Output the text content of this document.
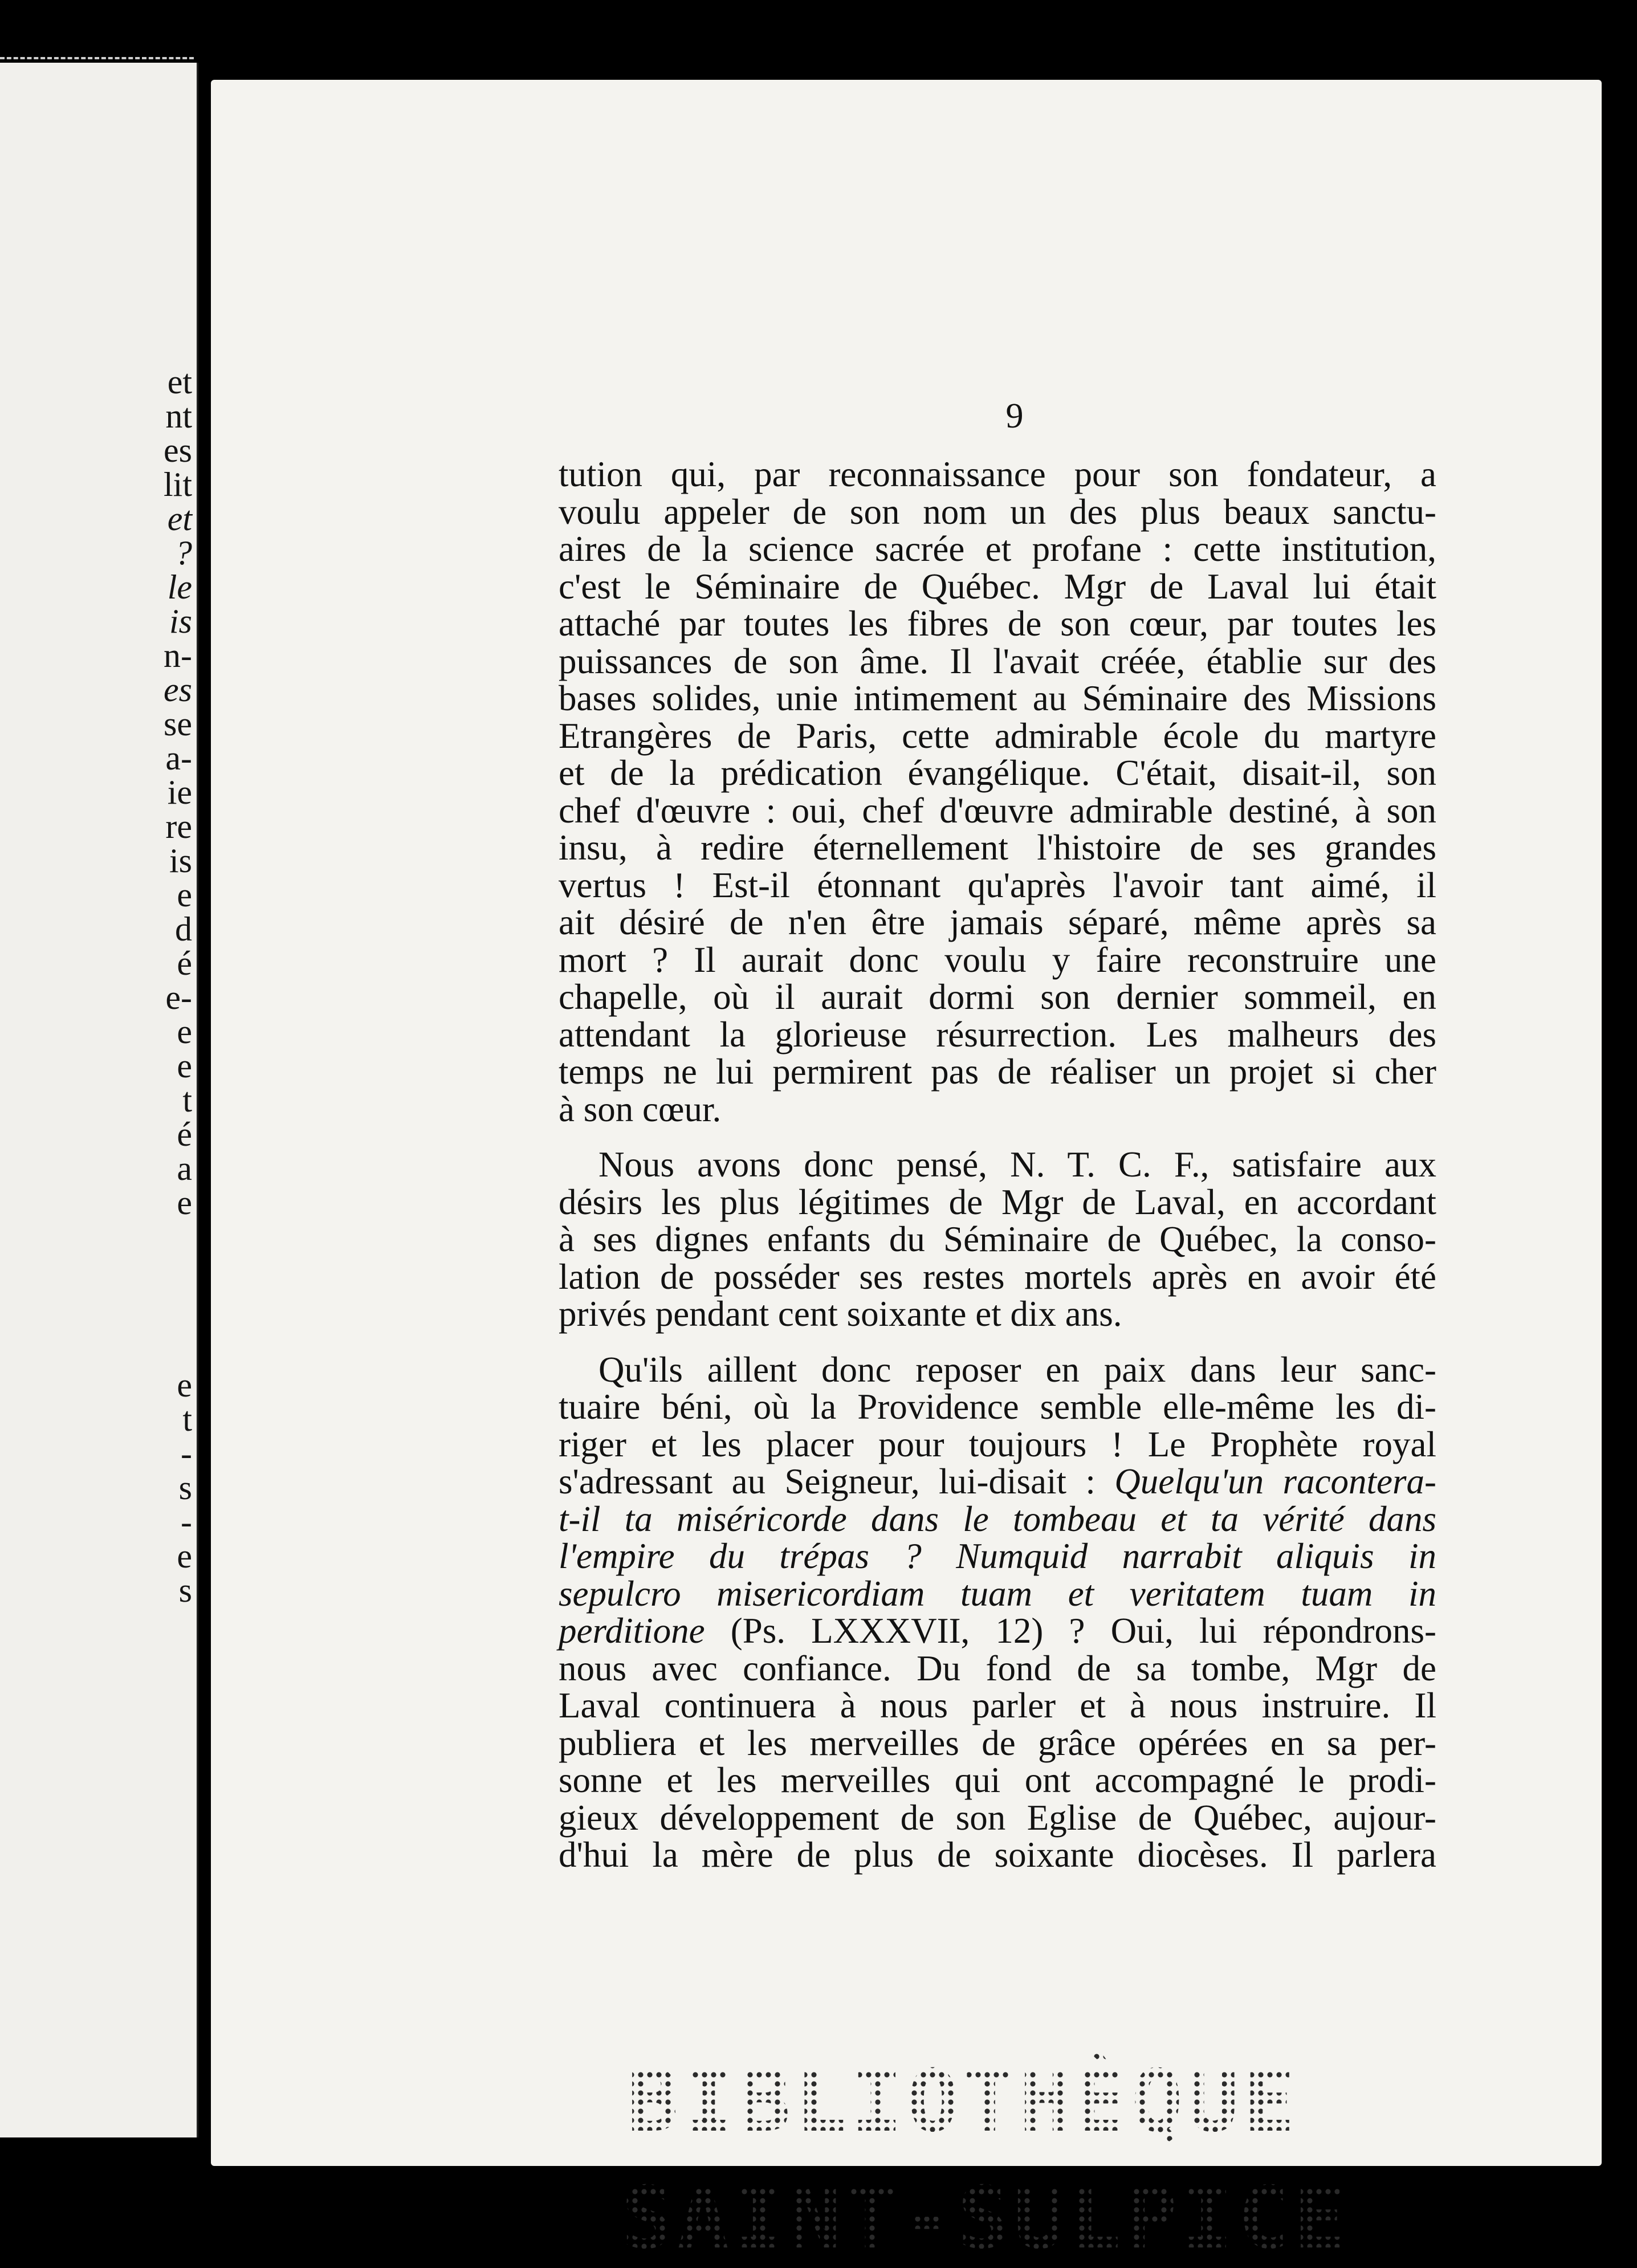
et
nt
es
lit
et
?
le
is
n-
es
se
a-
ie
re
is
e
d
é
e-
e
e
t
é
a
e
e
t
-
s
-
e
s
9

tution qui, par reconnaissance pour son fondateur, a
voulu appeler de son nom un des plus beaux sanctu-
aires de la science sacrée et profane : cette institution,
c'est le Séminaire de Québec. Mgr de Laval lui était
attaché par toutes les fibres de son cœur, par toutes les
puissances de son âme. Il l'avait créée, établie sur des
bases solides, unie intimement au Séminaire des Missions
Etrangères de Paris, cette admirable école du martyre
et de la prédication évangélique. C'était, disait-il, son
chef d'œuvre : oui, chef d'œuvre admirable destiné, à son
insu, à redire éternellement l'histoire de ses grandes
vertus ! Est-il étonnant qu'après l'avoir tant aimé, il
ait désiré de n'en être jamais séparé, même après sa
mort ? Il aurait donc voulu y faire reconstruire une
chapelle, où il aurait dormi son dernier sommeil, en
attendant la glorieuse résurrection. Les malheurs des
temps ne lui permirent pas de réaliser un projet si cher
à son cœur.

Nous avons donc pensé, N. T. C. F., satisfaire aux
désirs les plus légitimes de Mgr de Laval, en accordant
à ses dignes enfants du Séminaire de Québec, la conso-
lation de posséder ses restes mortels après en avoir été
privés pendant cent soixante et dix ans.

Qu'ils aillent donc reposer en paix dans leur sanc-
tuaire béni, où la Providence semble elle-même les di-
riger et les placer pour toujours ! Le Prophète royal
s'adressant au Seigneur, lui-disait : Quelqu'un racontera-
t-il ta miséricorde dans le tombeau et ta vérité dans
l'empire du trépas ? Numquid narrabit aliquis in
sepulcro misericordiam tuam et veritatem tuam in
perditione (Ps. LXXXVII, 12) ? Oui, lui répondrons-
nous avec confiance. Du fond de sa tombe, Mgr de
Laval continuera à nous parler et à nous instruire. Il
publiera et les merveilles de grâce opérées en sa per-
sonne et les merveilles qui ont accompagné le prodi-
gieux développement de son Eglise de Québec, aujour-
d'hui la mère de plus de soixante diocèses. Il parlera

BIBLIOTHÈQUE
SAINT-SULPICE
